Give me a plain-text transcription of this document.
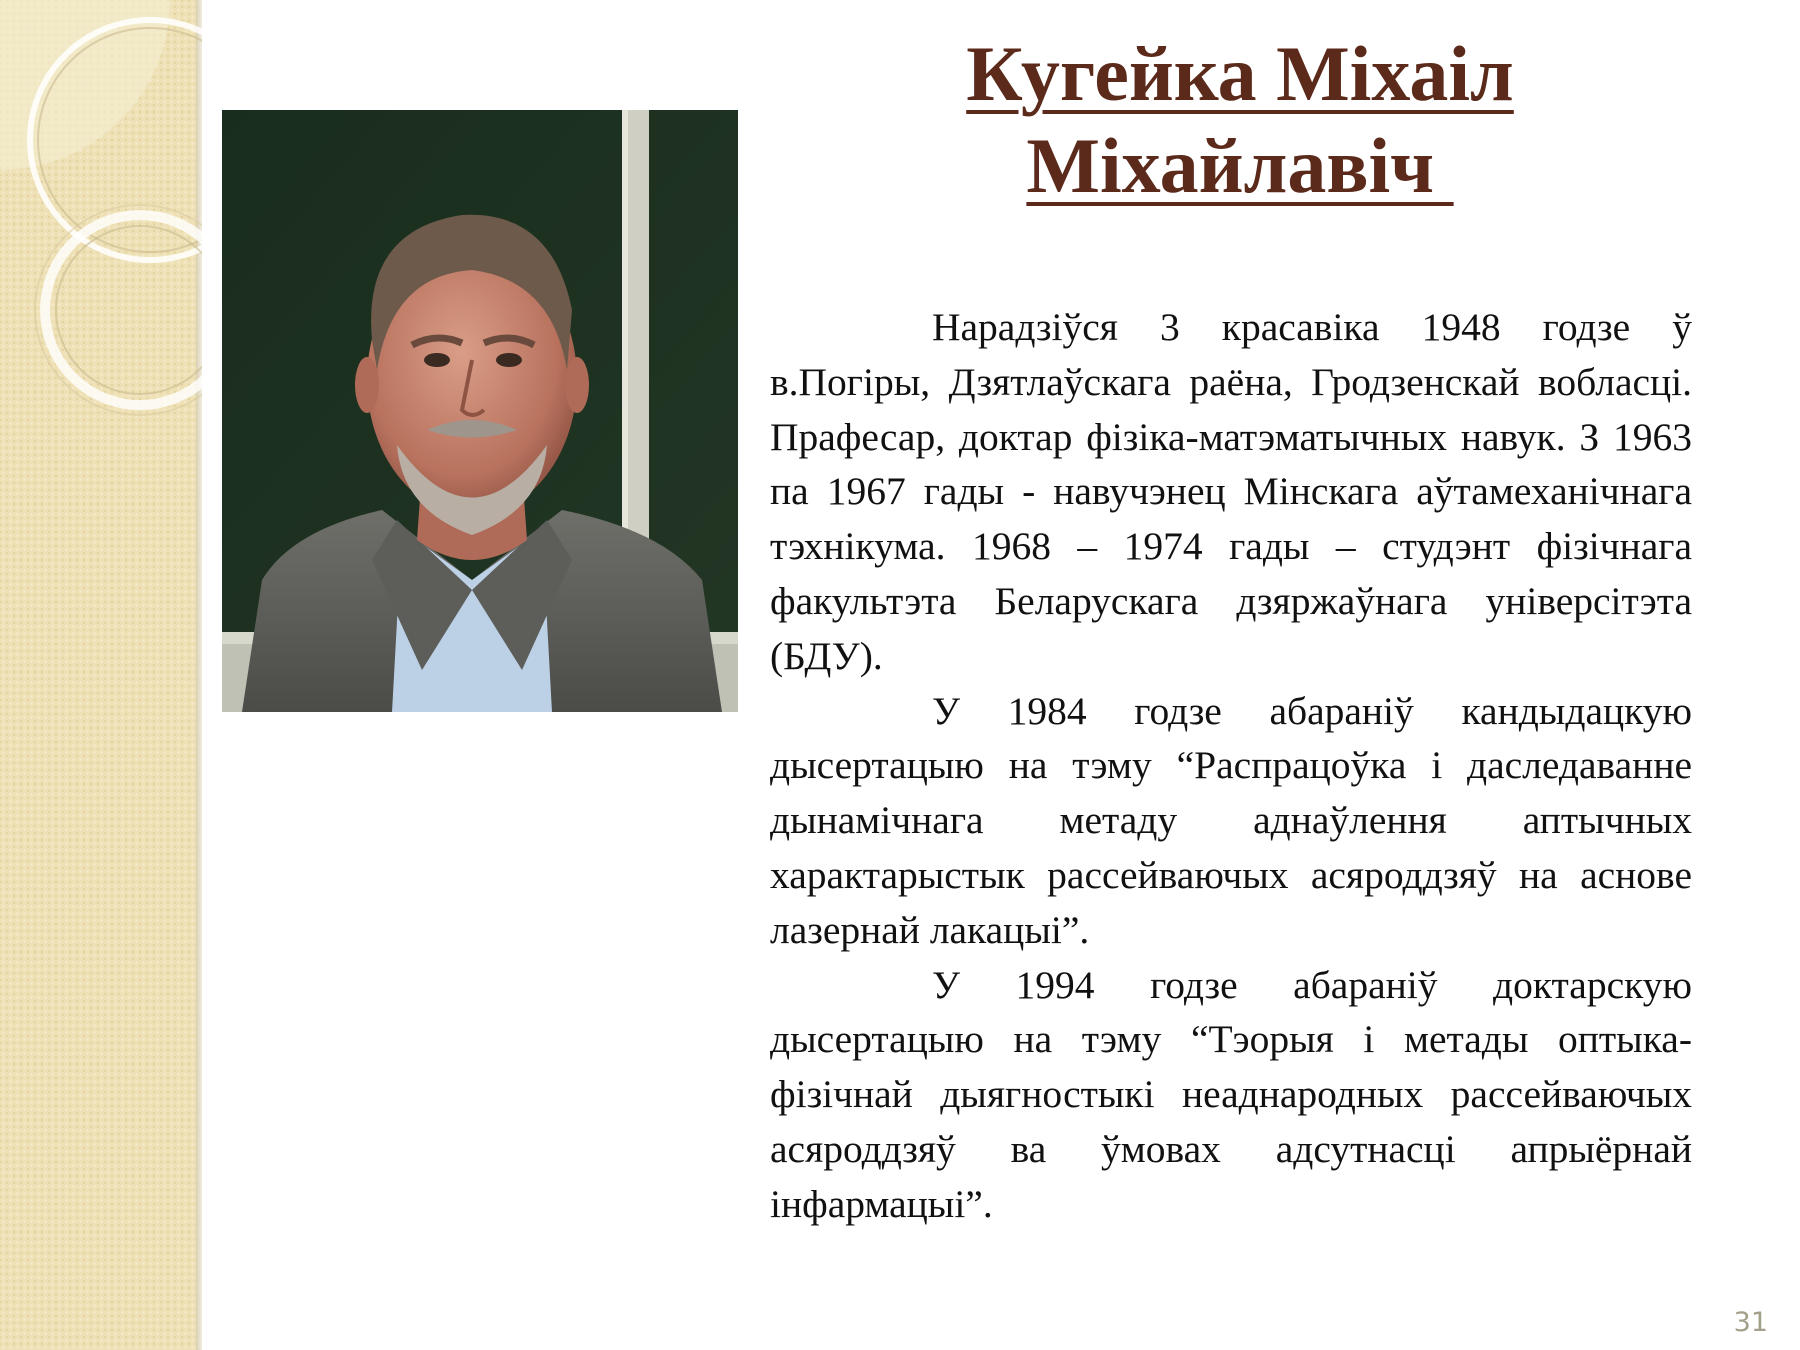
Кугейка Міхаіл
Міхайлавіч

Нарадзіўся 3 красавіка 1948 годзе ў в.Погіры, Дзятлаўскага раёна, Гродзенскай вобласці. Прафесар, доктар фізіка-матэматычных навук. З 1963 па 1967 гады - навучэнец Мінскага аўтамеханічнага тэхнікума. 1968 – 1974 гады – студэнт фізічнага факультэта Беларускага дзяржаўнага універсітэта (БДУ).

У 1984 годзе абараніў кандыдацкую дысертацыю на тэму “Распрацоўка і даследаванне дынамічнага метаду аднаўлення аптычных характарыстык рассейваючых асяроддзяў на аснове лазернай лакацыі”.

У 1994 годзе абараніў доктарскую дысертацыю на тэму “Тэорыя і метады оптыка-фізічнай дыягностыкі неаднародных рассейваючых асяроддзяў ва ўмовах адсутнасці апрыёрнай інфармацыі”.

31
